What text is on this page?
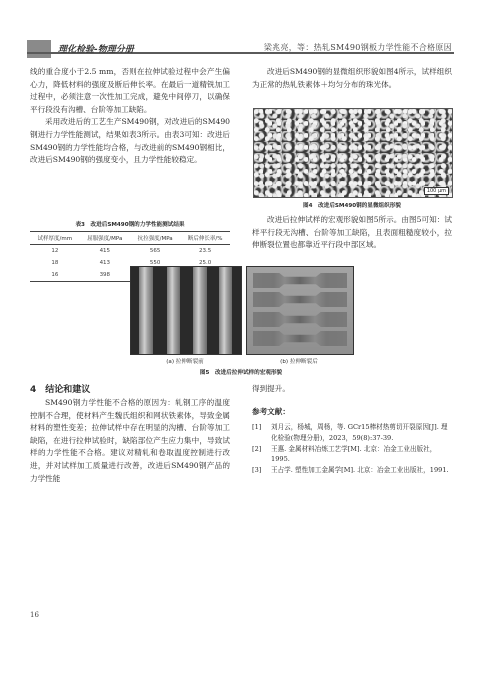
理化检验-物理分册	梁兆亮，等：热轧SM490钢板力学性能不合格原因

线的重合度小于2.5 mm，否则在拉伸试验过程中会产生偏心力，降低材料的强度及断后伸长率。在最后一道精铣加工过程中，必须注意一次性加工完成，避免中间停刀，以确保平行段没有沟槽、台阶等加工缺陷。

采用改进后的工艺生产SM490钢，对改进后的SM490钢进行力学性能测试，结果如表3所示。由表3可知：改进后SM490钢的力学性能均合格，与改进前的SM490钢相比，改进后SM490钢的强度变小，且力学性能较稳定。

表3　改进后SM490钢的力学性能测试结果
试样厚度/mm	屈服强度/MPa	抗拉强度/MPa	断后伸长率/%
12	415	565	23.5
18	413	550	25.0
16	398		
改进后SM490钢的显微组织形貌如图4所示，试样组织为正常的热轧铁素体＋均匀分布的珠光体。
100 μm
图4　改进后SM490钢的显微组织形貌
改进后拉伸试样的宏观形貌如图5所示。由图5可知：试样平行段无沟槽、台阶等加工缺陷，且表面粗糙度较小，拉伸断裂位置也都靠近平行段中部区域。
(a) 拉伸断裂前	(b) 拉伸断裂后
图5　改进后拉伸试样的宏观形貌
4　结论和建议
SM490钢力学性能不合格的原因为：轧钢工序的温度控制不合理，使材料产生魏氏组织和网状铁素体，导致金属材料的塑性变差；拉伸试样中存在明显的沟槽、台阶等加工缺陷，在进行拉伸试验时，缺陷部位产生应力集中，导致试样的力学性能不合格。建议对精轧和卷取温度控制进行改进，并对试样加工质量进行改善，改进后SM490钢产品的力学性能
得到提升。
参考文献：
[1]	刘月云，杨城，周杨，等. GCr15棒材热剪切开裂原因[J]. 理化检验(物理分册)，2023，59(8):37-39.
[2]	王惠. 金属材料冶炼工艺学[M]. 北京：冶金工业出版社，1995.
[3]	王占学. 塑性加工金属学[M]. 北京：冶金工业出版社，1991.
16
